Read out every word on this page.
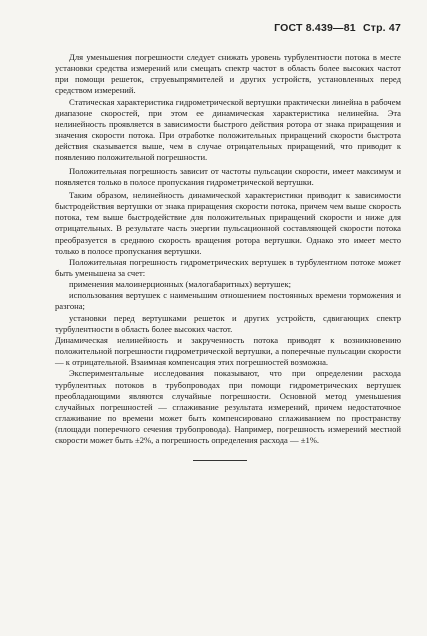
ГОСТ 8.439—81 Стр. 47

Для уменьшения погрешности следует снижать уровень турбулентности потока в месте установки средства измерений или смещать спектр частот в область более высоких частот при помощи решеток, струевыпрямителей и других устройств, установленных перед средством измерений.

Статическая характеристика гидрометрической вертушки практически линейна в рабочем диапазоне скоростей, при этом ее динамическая характеристика нелинейна. Эта нелинейность проявляется в зависимости быстрого действия ротора от знака приращения и значения скорости потока. При отработке положительных приращений скорости быстрота действия сказывается выше, чем в случае отрицательных приращений, что приводит к появлению положительной погрешности.

Положительная погрешность зависит от частоты пульсации скорости, имеет максимум и появляется только в полосе пропускания гидрометрической вертушки.

Таким образом, нелинейность динамической характеристики приводит к зависимости быстродействия вертушки от знака приращения скорости потока, причем чем выше скорость потока, тем выше быстродействие для положительных приращений скорости и ниже для отрицательных. В результате часть энергии пульсационной составляющей скорости потока преобразуется в среднюю скорость вращения ротора вертушки. Однако это имеет место только в полосе пропускания вертушки.

Положительная погрешность гидрометрических вертушек в турбулентном потоке может быть уменьшена за счет:

применения малоинерционных (малогабаритных) вертушек;

использования вертушек с наименьшим отношением постоянных времени торможения и разгона;

установки перед вертушками решеток и других устройств, сдвигающих спектр турбулентности в область более высоких частот.

Динамическая нелинейность и закрученность потока приводят к возникновению положительной погрешности гидрометрической вертушки, а поперечные пульсации скорости — к отрицательной. Взаимная компенсация этих погрешностей возможна.

Экспериментальные исследования показывают, что при определении расхода турбулентных потоков в трубопроводах при помощи гидрометрических вертушек преобладающими являются случайные погрешности. Основной метод уменьшения случайных погрешностей — сглаживание результата измерений, причем недостаточное сглаживание по времени может быть компенсировано сглаживанием по пространству (площади поперечного сечения трубопровода). Например, погрешность измерений местной скорости может быть ±2%, а погрешность определения расхода — ±1%.
